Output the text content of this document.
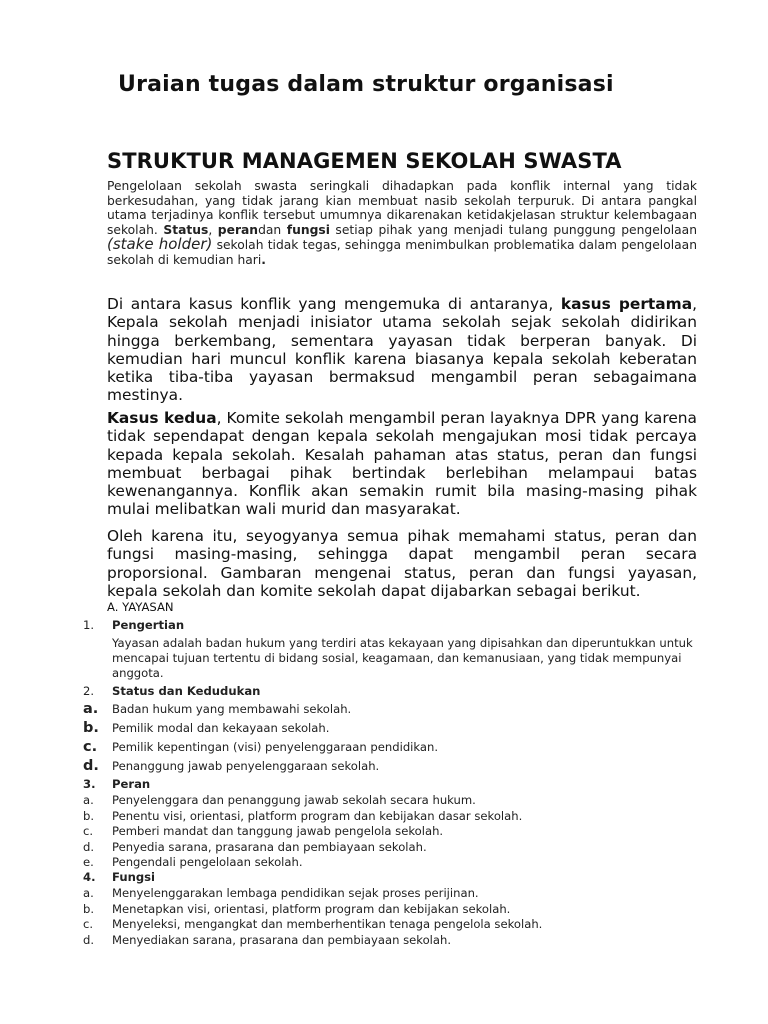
Uraian tugas dalam struktur organisasi
STRUKTUR MANAGEMEN SEKOLAH SWASTA

Pengelolaan sekolah swasta seringkali dihadapkan pada konflik internal yang tidak berkesudahan, yang tidak jarang kian membuat nasib sekolah terpuruk. Di antara pangkal utama terjadinya konflik tersebut umumnya dikarenakan ketidakjelasan struktur kelembagaan sekolah. Status, perandan fungsi setiap pihak yang menjadi tulang punggung pengelolaan (stake holder) sekolah tidak tegas, sehingga menimbulkan problematika dalam pengelolaan sekolah di kemudian hari.

Di antara kasus konflik yang mengemuka di antaranya, kasus pertama, Kepala sekolah menjadi inisiator utama sekolah sejak sekolah didirikan hingga berkembang, sementara yayasan tidak berperan banyak. Di kemudian hari muncul konflik karena biasanya kepala sekolah keberatan ketika tiba-tiba yayasan bermaksud mengambil peran sebagaimana mestinya.

Kasus kedua, Komite sekolah mengambil peran layaknya DPR yang karena tidak sependapat dengan kepala sekolah mengajukan mosi tidak percaya kepada kepala sekolah. Kesalah pahaman atas status, peran dan fungsi membuat berbagai pihak bertindak berlebihan melampaui batas kewenangannya. Konflik akan semakin rumit bila masing-masing pihak mulai melibatkan wali murid dan masyarakat.

Oleh karena itu, seyogyanya semua pihak memahami status, peran dan fungsi masing-masing, sehingga dapat mengambil peran secara proporsional. Gambaran mengenai status, peran dan fungsi yayasan, kepala sekolah dan komite sekolah dapat dijabarkan sebagai berikut.

A. YAYASAN

1.	Pengertian
Yayasan adalah badan hukum yang terdiri atas kekayaan yang dipisahkan dan diperuntukkan untuk mencapai tujuan tertentu di bidang sosial, keagamaan, dan kemanusiaan, yang tidak mempunyai anggota.
2.	Status dan Kedudukan
a.	Badan hukum yang membawahi sekolah.
b.	Pemilik modal dan kekayaan sekolah.
c.	Pemilik kepentingan (visi) penyelenggaraan pendidikan.
d.	Penanggung jawab penyelenggaraan sekolah.
3.	Peran
a.	Penyelenggara dan penanggung jawab sekolah secara hukum.
b.	Penentu visi, orientasi, platform program dan kebijakan dasar sekolah.
c.	Pemberi mandat dan tanggung jawab pengelola sekolah.
d.	Penyedia sarana, prasarana dan pembiayaan sekolah.
e.	Pengendali pengelolaan sekolah.
4.	Fungsi
a.	Menyelenggarakan lembaga pendidikan sejak proses perijinan.
b.	Menetapkan visi, orientasi, platform program dan kebijakan sekolah.
c.	Menyeleksi, mengangkat dan memberhentikan tenaga pengelola sekolah.
d.	Menyediakan sarana, prasarana dan pembiayaan sekolah.
